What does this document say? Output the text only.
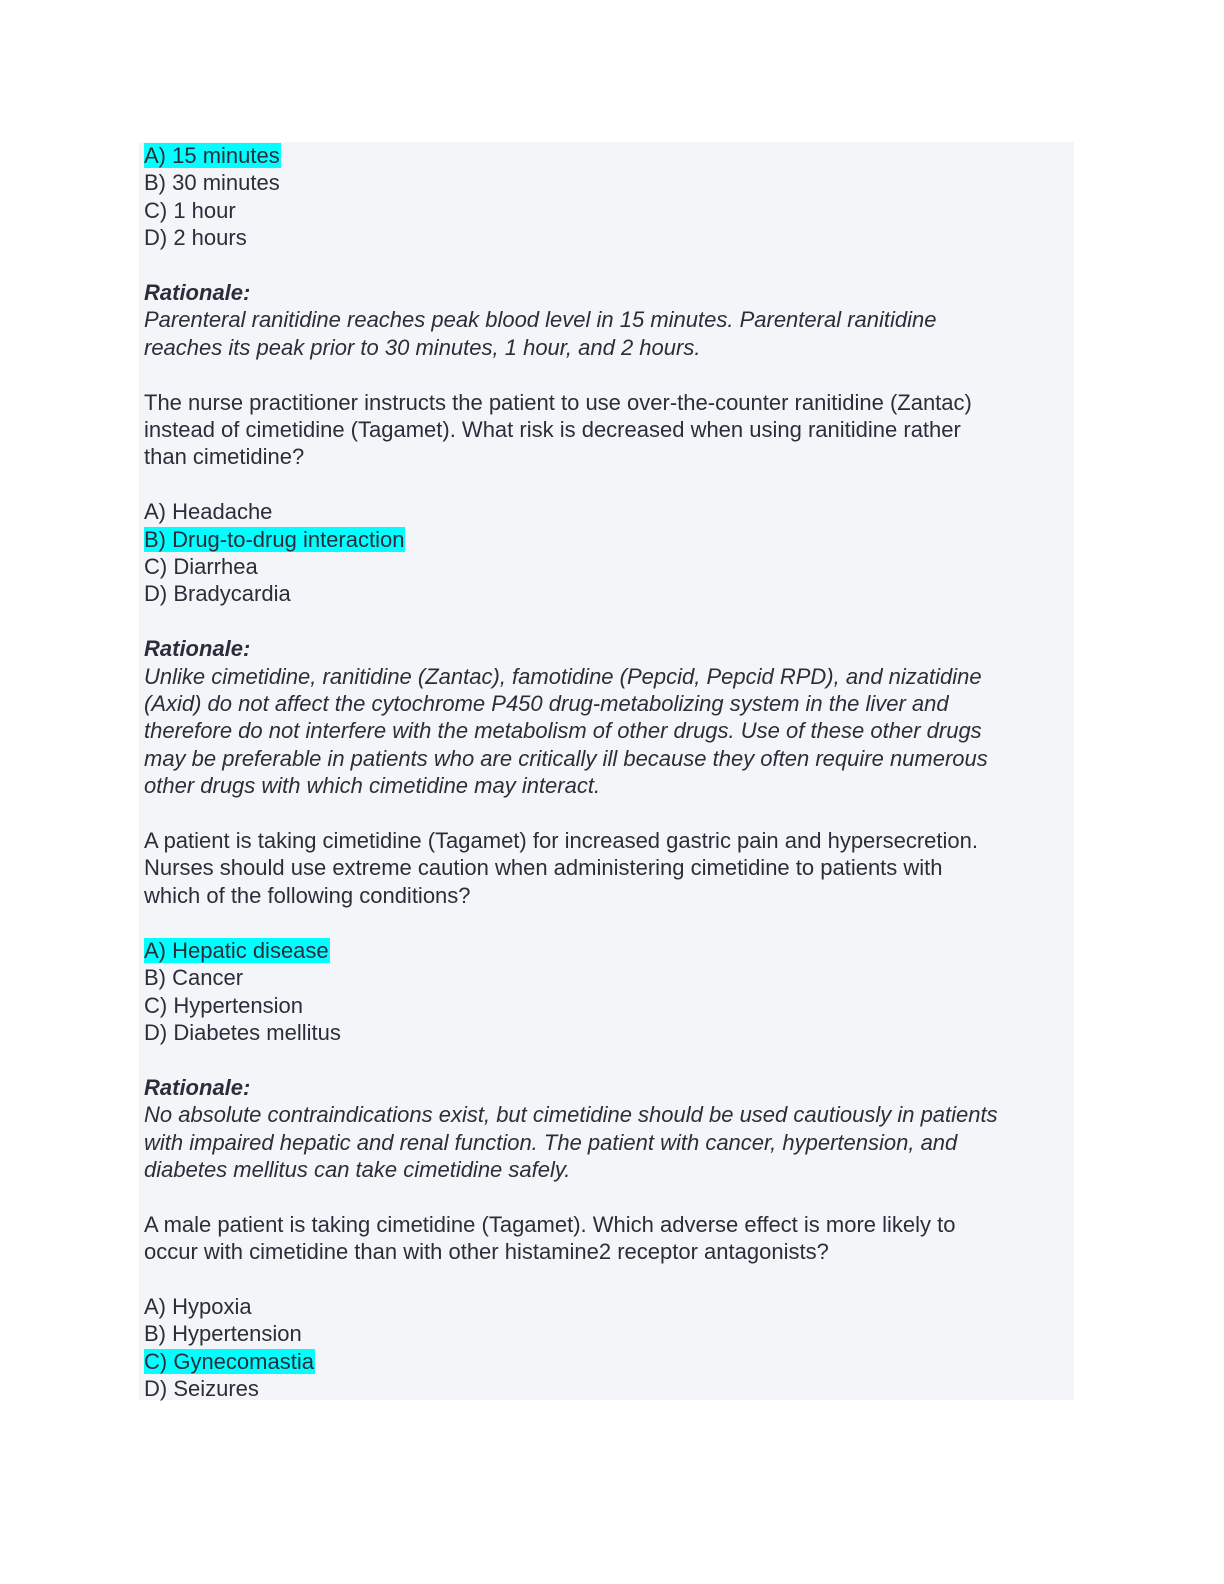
A) 15 minutes
B) 30 minutes
C) 1 hour
D) 2 hours
Rationale:
Parenteral ranitidine reaches peak blood level in 15 minutes. Parenteral ranitidine
reaches its peak prior to 30 minutes, 1 hour, and 2 hours.
The nurse practitioner instructs the patient to use over-the-counter ranitidine (Zantac)
instead of cimetidine (Tagamet). What risk is decreased when using ranitidine rather
than cimetidine?
A) Headache
B) Drug-to-drug interaction
C) Diarrhea
D) Bradycardia
Rationale:
Unlike cimetidine, ranitidine (Zantac), famotidine (Pepcid, Pepcid RPD), and nizatidine
(Axid) do not affect the cytochrome P450 drug-metabolizing system in the liver and
therefore do not interfere with the metabolism of other drugs. Use of these other drugs
may be preferable in patients who are critically ill because they often require numerous
other drugs with which cimetidine may interact.
A patient is taking cimetidine (Tagamet) for increased gastric pain and hypersecretion.
Nurses should use extreme caution when administering cimetidine to patients with
which of the following conditions?
A) Hepatic disease
B) Cancer
C) Hypertension
D) Diabetes mellitus
Rationale:
No absolute contraindications exist, but cimetidine should be used cautiously in patients
with impaired hepatic and renal function. The patient with cancer, hypertension, and
diabetes mellitus can take cimetidine safely.
A male patient is taking cimetidine (Tagamet). Which adverse effect is more likely to
occur with cimetidine than with other histamine2 receptor antagonists?
A) Hypoxia
B) Hypertension
C) Gynecomastia
D) Seizures
